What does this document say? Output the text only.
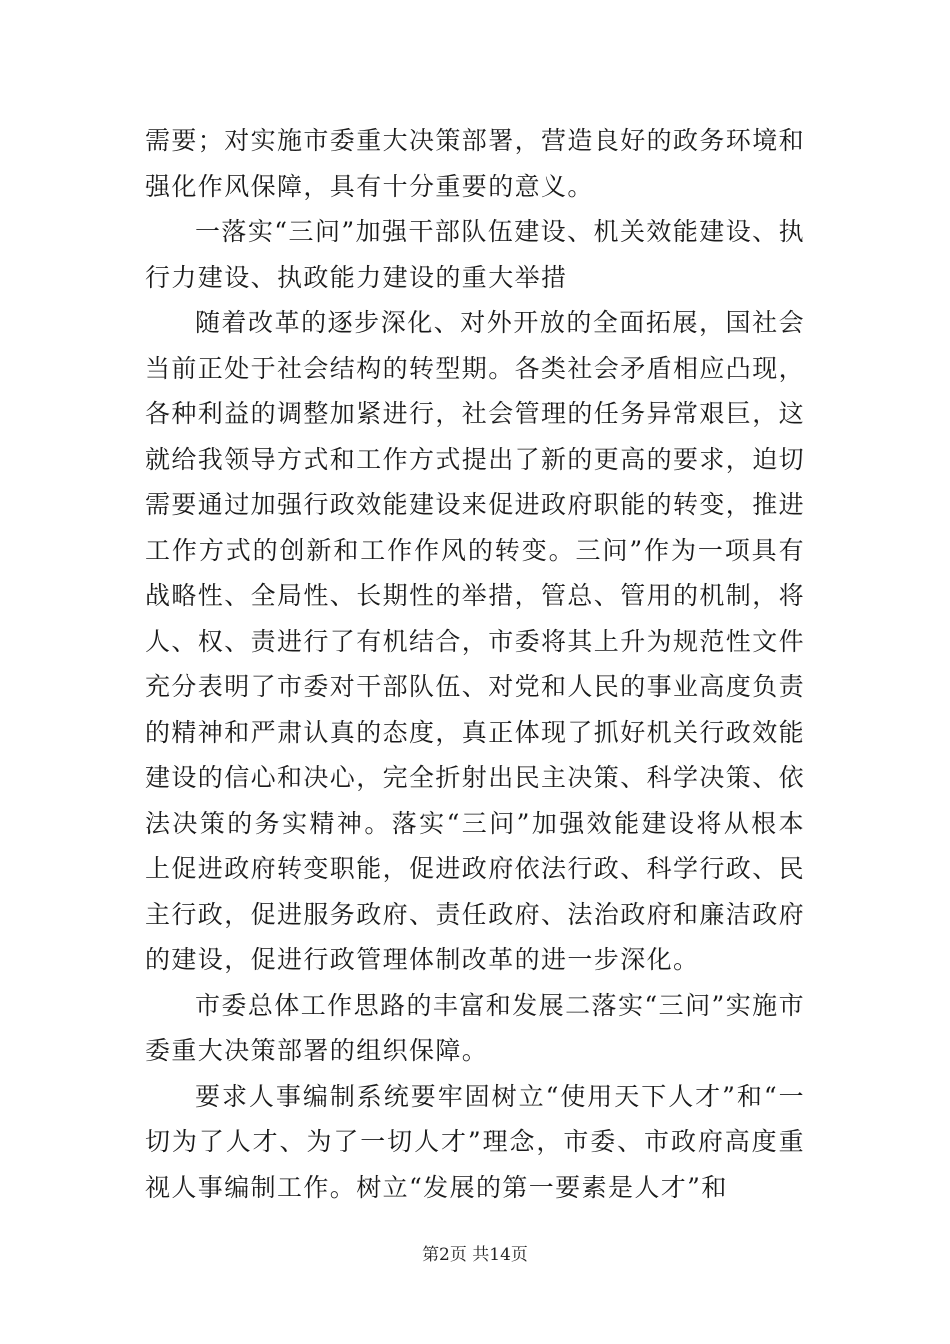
需要；对实施市委重大决策部署，营造良好的政务环境和强化作风保障，具有十分重要的意义。

一落实“三问”加强干部队伍建设、机关效能建设、执行力建设、执政能力建设的重大举措

随着改革的逐步深化、对外开放的全面拓展，国社会当前正处于社会结构的转型期。各类社会矛盾相应凸现，各种利益的调整加紧进行，社会管理的任务异常艰巨，这就给我领导方式和工作方式提出了新的更高的要求，迫切需要通过加强行政效能建设来促进政府职能的转变，推进工作方式的创新和工作作风的转变。三问”作为一项具有战略性、全局性、长期性的举措，管总、管用的机制，将人、权、责进行了有机结合，市委将其上升为规范性文件充分表明了市委对干部队伍、对党和人民的事业高度负责的精神和严肃认真的态度，真正体现了抓好机关行政效能建设的信心和决心，完全折射出民主决策、科学决策、依法决策的务实精神。落实“三问”加强效能建设将从根本上促进政府转变职能，促进政府依法行政、科学行政、民主行政，促进服务政府、责任政府、法治政府和廉洁政府的建设，促进行政管理体制改革的进一步深化。

市委总体工作思路的丰富和发展二落实“三问”实施市委重大决策部署的组织保障。

要求人事编制系统要牢固树立“使用天下人才”和“一切为了人才、为了一切人才”理念，市委、市政府高度重视人事编制工作。树立“发展的第一要素是人才”和

第2页 共14页
